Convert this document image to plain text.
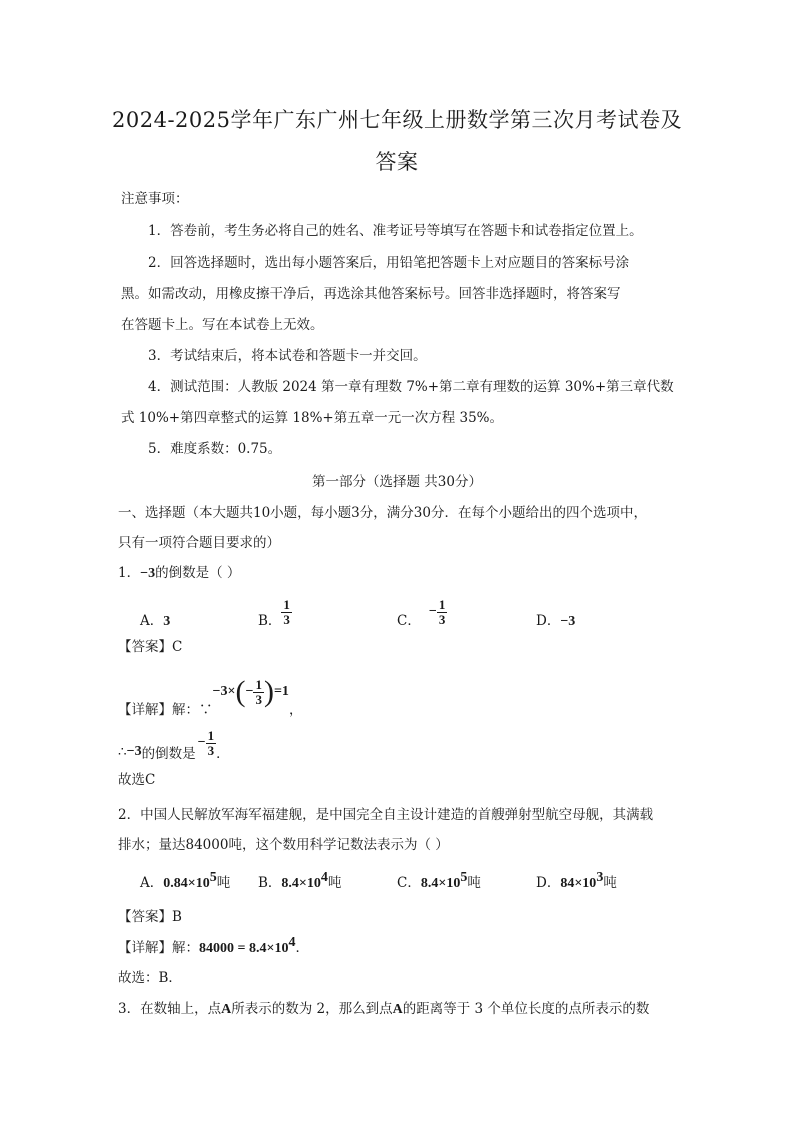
2024-2025学年广东广州七年级上册数学第三次月考试卷及
答案
注意事项：
1．答卷前，考生务必将自己的姓名、准考证号等填写在答题卡和试卷指定位置上。
2．回答选择题时，选出每小题答案后，用铅笔把答题卡上对应题目的答案标号涂
黑。如需改动，用橡皮擦干净后，再选涂其他答案标号。回答非选择题时，将答案写
在答题卡上。写在本试卷上无效。
3．考试结束后，将本试卷和答题卡一并交回。
4．测试范围：人教版 2024 第一章有理数 7%+第二章有理数的运算 30%+第三章代数
式 10%+第四章整式的运算 18%+第五章一元一次方程 35%。
5．难度系数：0.75。
第一部分（选择题 共30分）
一、选择题（本大题共10小题，每小题3分，满分30分．在每个小题给出的四个选项中，
只有一项符合题目要求的）
1．−3的倒数是（ ）
A．3	B． $\frac{1}{3}$	C．
− $\frac{1}{3}$	D．−3
【答案】C
【详解】解：∵
−3× ( − $\frac{1}{3}$ ) =1
，
∴ −3 的倒数是
− $\frac{1}{3}$ ．
故选C
2．中国人民解放军海军福建舰，是中国完全自主设计建造的首艘弹射型航空母舰，其满载
排水；量达84000吨，这个数用科学记数法表示为（ ）
A．$0.84\times 10^5$吨 B．$8.4\times 10^4$吨	C．$8.4\times 10^5$吨	D．$84\times 10^3$吨
【答案】B
【详解】解：$84000 = 8.4\times 10^4$．
故选：B．
3．在数轴上，点A所表示的数为 2，那么到点A的距离等于 3 个单位长度的点所表示的数
